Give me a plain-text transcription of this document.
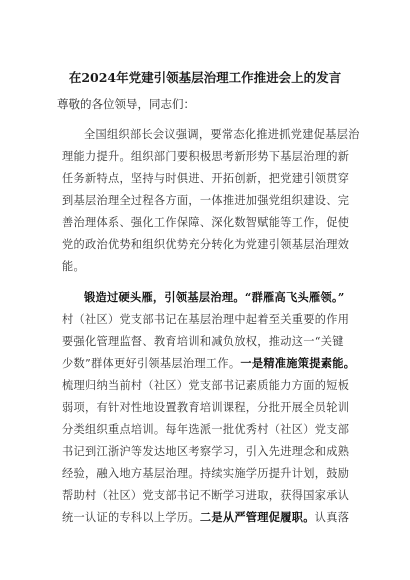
在2024年党建引领基层治理工作推进会上的发言
尊敬的各位领导，同志们：
全国组织部长会议强调，要常态化推进抓党建促基层治
理能力提升。组织部门要积极思考新形势下基层治理的新
任务新特点，坚持与时俱进、开拓创新，把党建引领贯穿
到基层治理全过程各方面，一体推进加强党组织建设、完
善治理体系、强化工作保障、深化数智赋能等工作，促使
党的政治优势和组织优势充分转化为党建引领基层治理效
能。
锻造过硬头雁，引领基层治理。“群雁高飞头雁领。”
村（社区）党支部书记在基层治理中起着至关重要的作用
要强化管理监督、教育培训和减负放权，推动这一“关键
少数”群体更好引领基层治理工作。一是精准施策提素能。
梳理归纳当前村（社区）党支部书记素质能力方面的短板
弱项，有针对性地设置教育培训课程，分批开展全员轮训
分类组织重点培训。每年选派一批优秀村（社区）党支部
书记到江浙沪等发达地区考察学习，引入先进理念和成熟
经验，融入地方基层治理。持续实施学历提升计划，鼓励
帮助村（社区）党支部书记不断学习进取，获得国家承认
统一认证的专科以上学历。二是从严管理促履职。认真落
